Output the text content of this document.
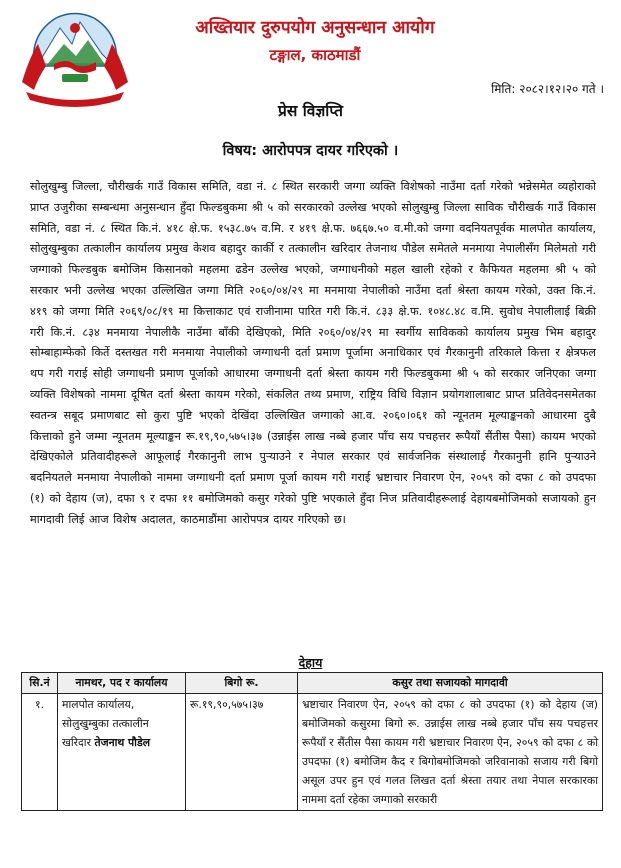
अख्तियार दुरुपयोग अनुसन्धान आयोग
टङ्गाल, काठमाडौं
मिति: २०८२।१२।२० गते ।
प्रेस विज्ञप्ति
विषय: आरोपपत्र दायर गरिएको ।

सोलुखुम्बु जिल्ला, चौरीखर्क गाउँ विकास समिति, वडा नं. ८ स्थित सरकारी जग्गा व्यक्ति विशेषको नाउँमा दर्ता गरेको भन्नेसमेत व्यहोराको प्राप्त उजुरीका सम्बन्धमा अनुसन्धान हुँदा फिल्डबुकमा श्री ५ को सरकारको उल्लेख भएको सोलुखुम्बु जिल्ला साविक चौरीखर्क गाउँ विकास समिति, वडा नं. ८ स्थित कि.नं. ४१८ क्षे.फ. १५३८.७५ व.मि. र ४१९ क्षे.फ. ७६६७.५० व.मी.को जग्गा वदनियतपूर्वक मालपोत कार्यालय, सोलुखुम्बुका तत्कालीन कार्यालय प्रमुख केशव बहादुर कार्की र तत्कालीन खरिदार तेजनाथ पौडेल समेतले मनमाया नेपालीसँग मिलेमतो गरी जग्गाको फिल्डबुक बमोजिम किसानको महलमा ढडेन उल्लेख भएको, जग्गाधनीको महल खाली रहेको र कैफियत महलमा श्री ५ को सरकार भनी उल्लेख भएका उल्लिखित जग्गा मिति २०६०/०४/२९ मा मनमाया नेपालीको नाउँमा दर्ता श्रेस्ता कायम गरेको, उक्त कि.नं. ४१९ को जग्गा मिति २०६९/०८/१९ मा कित्ताकाट एवं राजीनामा पारित गरी कि.नं. ८३३ क्षे.फ. १०४८.४८ व.मि. सुवोध नेपालीलाई बिक्री गरी कि.नं. ८३४ मनमाया नेपालीकै नाउँमा बाँकी देखिएको, मिति २०६०/०४/२९ मा स्वर्गीय साविकको कार्यालय प्रमुख भिम बहादुर सोम्बाहाम्फेको किर्ते दस्तखत गरी मनमाया नेपालीको जग्गाधनी दर्ता प्रमाण पूर्जामा अनाधिकार एवं गैरकानुनी तरिकाले कित्ता र क्षेत्रफल थप गरी गराई सोही जग्गाधनी प्रमाण पूर्जाको आधारमा जग्गाधनी दर्ता श्रेस्ता कायम गरी फिल्डबुकमा श्री ५ को सरकार जनिएका जग्गा व्यक्ति विशेषको नाममा दूषित दर्ता श्रेस्ता कायम गरेको, संकलित तथ्य प्रमाण, राष्ट्रिय विधि विज्ञान प्रयोगशालाबाट प्राप्त प्रतिवेदनसमेतका स्वतन्त्र सबूद प्रमाणबाट सो कुरा पुष्टि भएको देखिंदा उल्लिखित जग्गाको आ.व. २०६०।०६१ को न्यूनतम मूल्याङ्कनको आधारमा दुबै कित्ताको हुने जम्मा न्यूनतम मूल्याङ्कन रू.१९,९०,५७५।३७ (उन्नाईस लाख नब्बे हजार पाँच सय पचहत्तर रूपैयाँ सैंतीस पैसा) कायम भएको देखिएकोले प्रतिवादीहरूले आफूलाई गैरकानुनी लाभ पुऱ्याउने र नेपाल सरकार एवं सार्वजनिक संस्थालाई गैरकानुनी हानि पुऱ्याउने बदनियतले मनमाया नेपालीको नाममा जग्गाधनी दर्ता प्रमाण पूर्जा कायम गरी गराई भ्रष्टाचार निवारण ऐन, २०५९ को दफा ८ को उपदफा (१) को देहाय (ज), दफा ९ र दफा ११ बमोजिमको कसुर गरेको पुष्टि भएकाले हुँदा निज प्रतिवादीहरूलाई देहायबमोजिमको सजायको हुन मागदावी लिई आज विशेष अदालत, काठमाडौंमा आरोपपत्र दायर गरिएको छ।

देहाय
सि.नं	नामथर, पद र कार्यालय	बिगो रू.	कसुर तथा सजायको मागदावी
१.	मालपोत कार्यालय, सोलुखुम्बुका तत्कालीन खरिदार तेजनाथ पौडेल	रू.१९,९०,५७५।३७	भ्रष्टाचार निवारण ऐन, २०५९ को दफा ८ को उपदफा (१) को देहाय (ज) बमोजिमको कसुरमा बिगो रू. उन्नाईस लाख नब्बे हजार पाँच सय पचहत्तर रूपैयाँ र सैंतीस पैसा कायम गरी भ्रष्टाचार निवारण ऐन, २०५९ को दफा ८ को उपदफा (१) बमोजिम कैद र बिगोबमोजिमको जरिवानाको सजाय गरी बिगो असूल उपर हुन एवं गलत लिखत दर्ता श्रेस्ता तयार तथा नेपाल सरकारका नाममा दर्ता रहेका जग्गाको सरकारी
